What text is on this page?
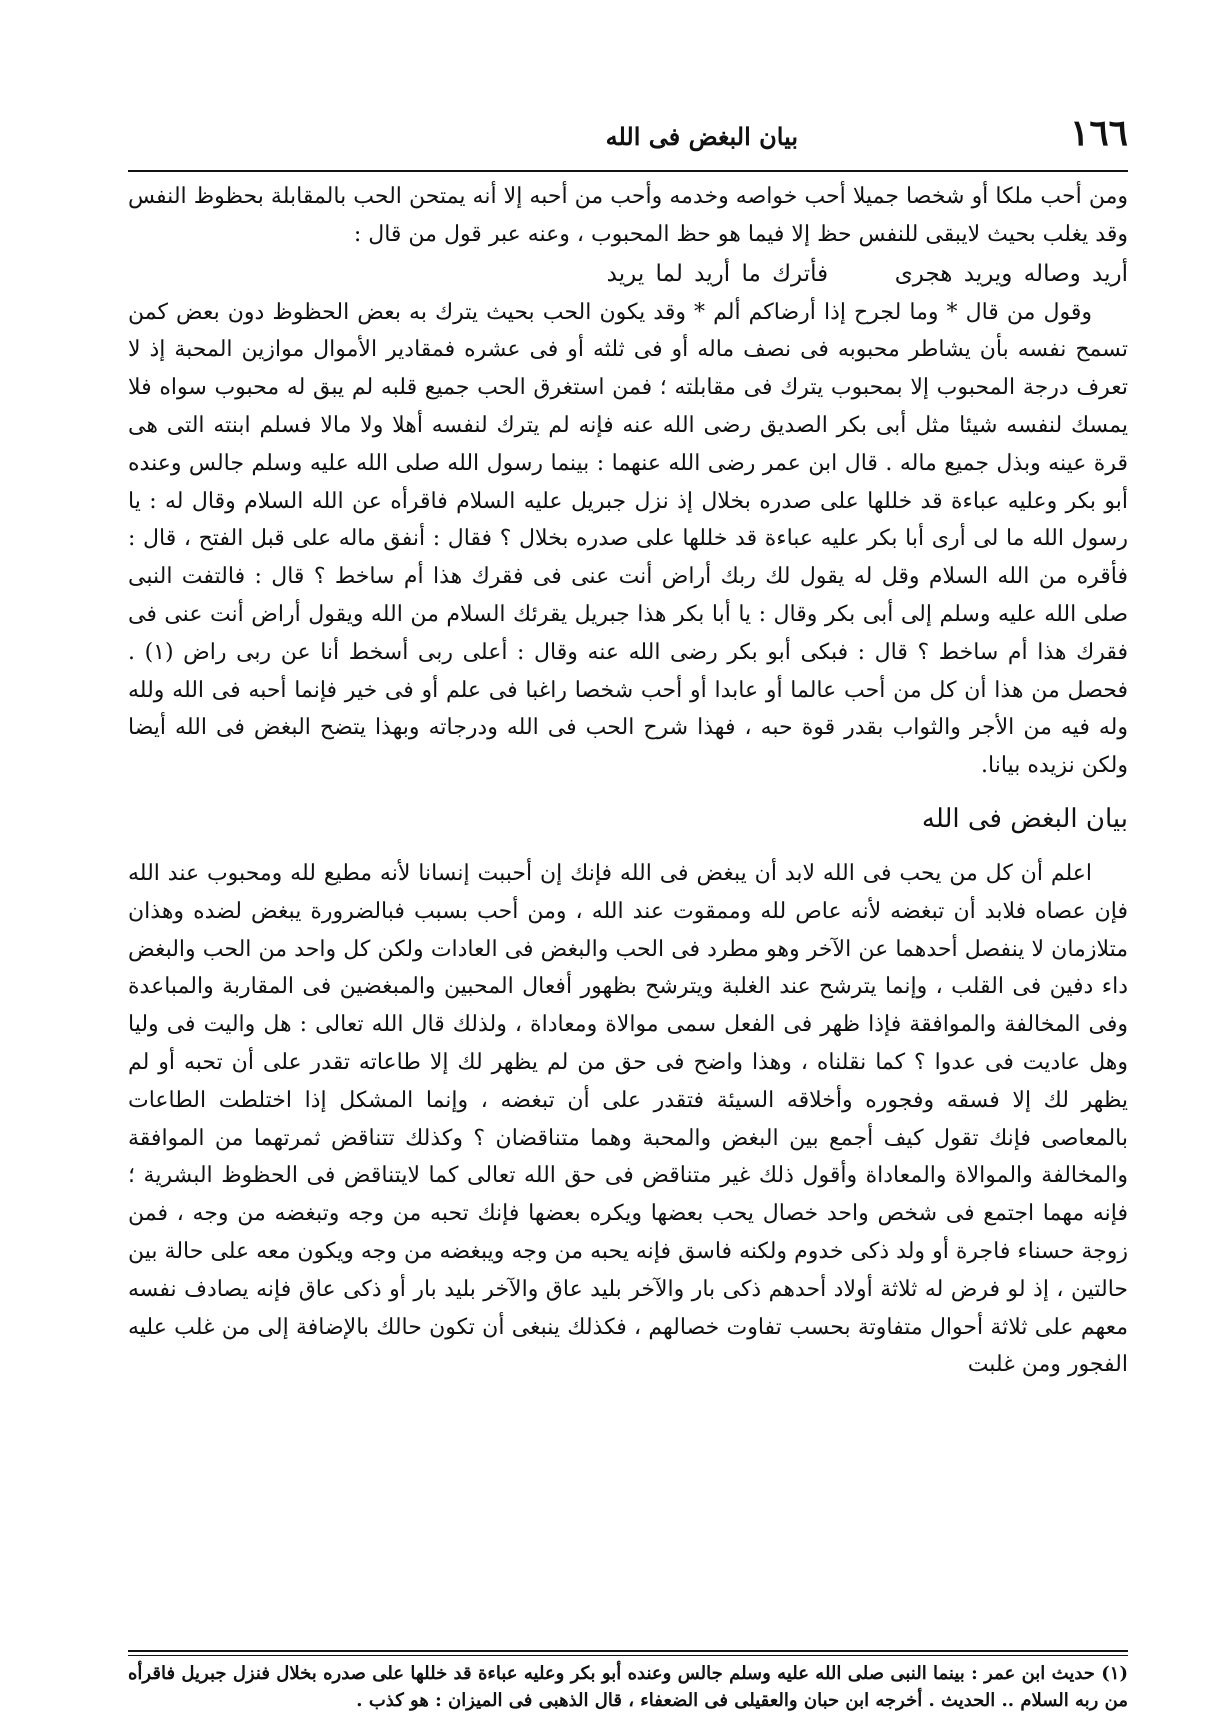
١٦٦
بيان البغض فى الله

ومن أحب ملكا أو شخصا جميلا أحب خواصه وخدمه وأحب من أحبه إلا أنه يمتحن الحب بالمقابلة بحظوظ النفس وقد يغلب بحيث لايبقى للنفس حظ إلا فيما هو حظ المحبوب ، وعنه عبر قول من قال :

أريد وصاله ويريد هجرى  فأترك ما أريد لما يريد

وقول من قال * وما لجرح إذا أرضاكم ألم * وقد يكون الحب بحيث يترك به بعض الحظوظ دون بعض كمن تسمح نفسه بأن يشاطر محبوبه فى نصف ماله أو فى ثلثه أو فى عشره فمقادير الأموال موازين المحبة إذ لا تعرف درجة المحبوب إلا بمحبوب يترك فى مقابلته ؛ فمن استغرق الحب جميع قلبه لم يبق له محبوب سواه فلا يمسك لنفسه شيئا مثل أبى بكر الصديق رضى الله عنه فإنه لم يترك لنفسه أهلا ولا مالا فسلم ابنته التى هى قرة عينه وبذل جميع ماله . قال ابن عمر رضى الله عنهما : بينما رسول الله صلى الله عليه وسلم جالس وعنده أبو بكر وعليه عباءة قد خللها على صدره بخلال إذ نزل جبريل عليه السلام فاقرأه عن الله السلام وقال له : يا رسول الله ما لى أرى أبا بكر عليه عباءة قد خللها على صدره بخلال ؟ فقال : أنفق ماله على قبل الفتح ، قال : فأقره من الله السلام وقل له يقول لك ربك أراض أنت عنى فى فقرك هذا أم ساخط ؟ قال : فالتفت النبى صلى الله عليه وسلم إلى أبى بكر وقال : يا أبا بكر هذا جبريل يقرئك السلام من الله ويقول أراض أنت عنى فى فقرك هذا أم ساخط ؟ قال : فبكى أبو بكر رضى الله عنه وقال : أعلى ربى أسخط أنا عن ربى راض (١) . فحصل من هذا أن كل من أحب عالما أو عابدا أو أحب شخصا راغبا فى علم أو فى خير فإنما أحبه فى الله ولله وله فيه من الأجر والثواب بقدر قوة حبه ، فهذا شرح الحب فى الله ودرجاته وبهذا يتضح البغض فى الله أيضا ولكن نزيده بيانا.

بيان البغض فى الله

اعلم أن كل من يحب فى الله لابد أن يبغض فى الله فإنك إن أحببت إنسانا لأنه مطيع لله ومحبوب عند الله فإن عصاه فلابد أن تبغضه لأنه عاص لله وممقوت عند الله ، ومن أحب بسبب فبالضرورة يبغض لضده وهذان متلازمان لا ينفصل أحدهما عن الآخر وهو مطرد فى الحب والبغض فى العادات ولكن كل واحد من الحب والبغض داء دفين فى القلب ، وإنما يترشح عند الغلبة ويترشح بظهور أفعال المحبين والمبغضين فى المقاربة والمباعدة وفى المخالفة والموافقة فإذا ظهر فى الفعل سمى موالاة ومعاداة ، ولذلك قال الله تعالى : هل واليت فى وليا وهل عاديت فى عدوا ؟ كما نقلناه ، وهذا واضح فى حق من لم يظهر لك إلا طاعاته تقدر على أن تحبه أو لم يظهر لك إلا فسقه وفجوره وأخلاقه السيئة فتقدر على أن تبغضه ، وإنما المشكل إذا اختلطت الطاعات بالمعاصى فإنك تقول كيف أجمع بين البغض والمحبة وهما متناقضان ؟ وكذلك تتناقض ثمرتهما من الموافقة والمخالفة والموالاة والمعاداة وأقول ذلك غير متناقض فى حق الله تعالى كما لايتناقض فى الحظوظ البشرية ؛ فإنه مهما اجتمع فى شخص واحد خصال يحب بعضها ويكره بعضها فإنك تحبه من وجه وتبغضه من وجه ، فمن زوجة حسناء فاجرة أو ولد ذكى خدوم ولكنه فاسق فإنه يحبه من وجه ويبغضه من وجه ويكون معه على حالة بين حالتين ، إذ لو فرض له ثلاثة أولاد أحدهم ذكى بار والآخر بليد عاق والآخر بليد بار أو ذكى عاق فإنه يصادف نفسه معهم على ثلاثة أحوال متفاوتة بحسب تفاوت خصالهم ، فكذلك ينبغى أن تكون حالك بالإضافة إلى من غلب عليه الفجور ومن غلبت

(١) حديث ابن عمر : بينما النبى صلى الله عليه وسلم جالس وعنده أبو بكر وعليه عباءة قد خللها على صدره بخلال فنزل جبريل فاقرأه من ربه السلام .. الحديث . أخرجه ابن حبان والعقيلى فى الضعفاء ، قال الذهبى فى الميزان : هو كذب .
